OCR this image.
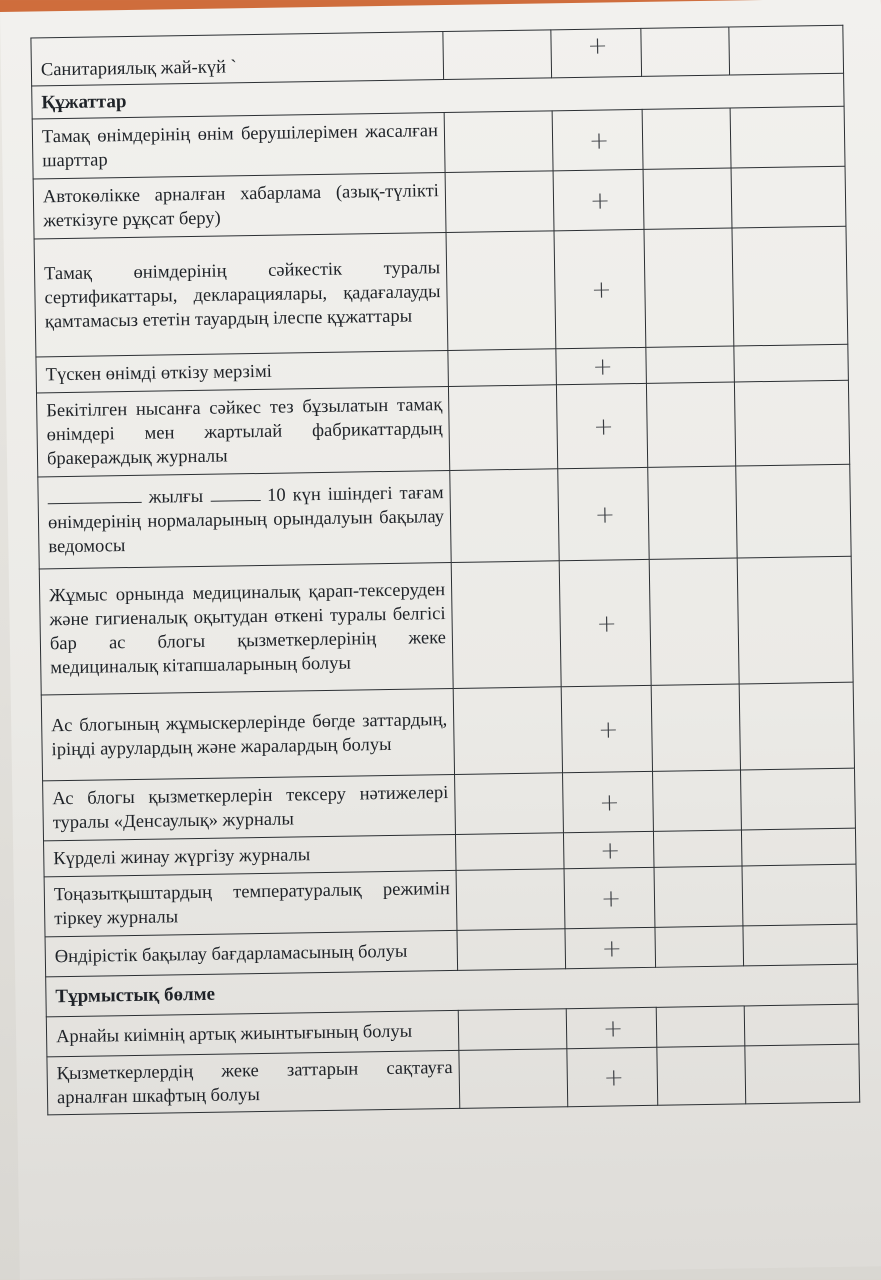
Санитариялық жай-күй `		+		
Құжаттар				
Тамақ өнімдерінің өнім берушілерімен жасалған шарттар		+		
Автокөлікке арналған хабарлама (азық-түлікті жеткізуге рұқсат беру)		+		
Тамақ өнімдерінің сәйкестік туралы сертификаттары, декларациялары, қадағалауды қамтамасыз ететін тауардың ілеспе құжаттары		+		
Түскен өнімді өткізу мерзімі		+		
Бекітілген нысанға сәйкес тез бұзылатын тамақ өнімдері мен жартылай фабрикаттардың бракераждық журналы		+		
жылғы 10 күн ішіндегі тағам өнімдерінің нормаларының орындалуын бақылау ведомосы		+		
Жұмыс орнында медициналық қарап-тексеруден және гигиеналық оқытудан өткені туралы белгісі бар ас блогы қызметкерлерінің жеке медициналық кітапшаларының болуы		+		
Ас блогының жұмыскерлерінде бөгде заттардың, іріңді аурулардың және жаралардың болуы		+		
Ас блогы қызметкерлерін тексеру нәтижелері туралы «Денсаулық» журналы		+		
Күрделі жинау жүргізу журналы		+		
Тоңазытқыштардың температуралық режимін тіркеу журналы		+		
Өндірістік бақылау бағдарламасының болуы		+		
Тұрмыстық бөлме				
Арнайы киімнің артық жиынтығының болуы		+		
Қызметкерлердің жеке заттарын сақтауға арналған шкафтың болуы		+		
